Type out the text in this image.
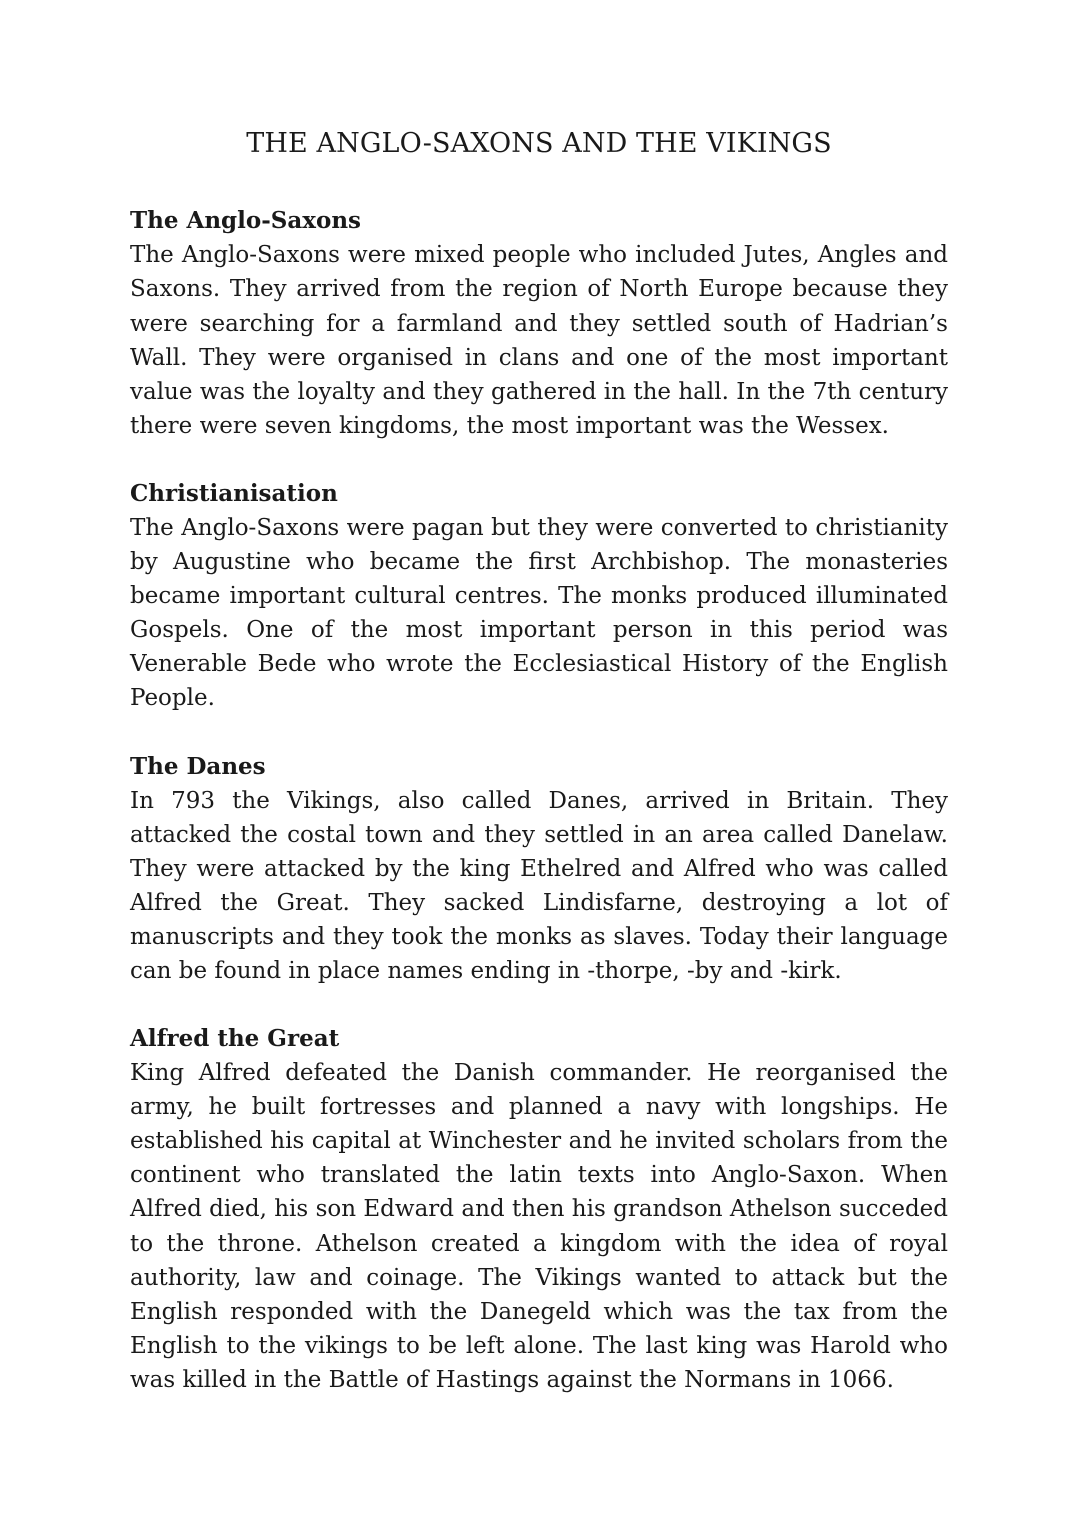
THE ANGLO-SAXONS AND THE VIKINGS
The Anglo-Saxons

The Anglo-Saxons were mixed people who included Jutes, Angles and Saxons. They arrived from the region of North Europe because they were searching for a farmland and they settled south of Hadrian’s Wall. They were organised in clans and one of the most important value was the loyalty and they gathered in the hall. In the 7th century there were seven kingdoms, the most important was the Wessex.

Christianisation

The Anglo-Saxons were pagan but they were converted to christianity by Augustine who became the first Archbishop. The monasteries became important cultural centres. The monks produced illuminated Gospels. One of the most important person in this period was Venerable Bede who wrote the Ecclesiastical History of the English People.

The Danes

In 793 the Vikings, also called Danes, arrived in Britain. They attacked the costal town and they settled in an area called Danelaw. They were attacked by the king Ethelred and Alfred who was called Alfred the Great. They sacked Lindisfarne, destroying a lot of manuscripts and they took the monks as slaves. Today their language can be found in place names ending in -thorpe, -by and -kirk.

Alfred the Great

King Alfred defeated the Danish commander. He reorganised the army, he built fortresses and planned a navy with longships. He established his capital at Winchester and he invited scholars from the continent who translated the latin texts into Anglo-Saxon. When Alfred died, his son Edward and then his grandson Athelson succeded to the throne. Athelson created a kingdom with the idea of royal authority, law and coinage. The Vikings wanted to attack but the English responded with the Danegeld which was the tax from the English to the vikings to be left alone. The last king was Harold who was killed in the Battle of Hastings against the Normans in 1066.
